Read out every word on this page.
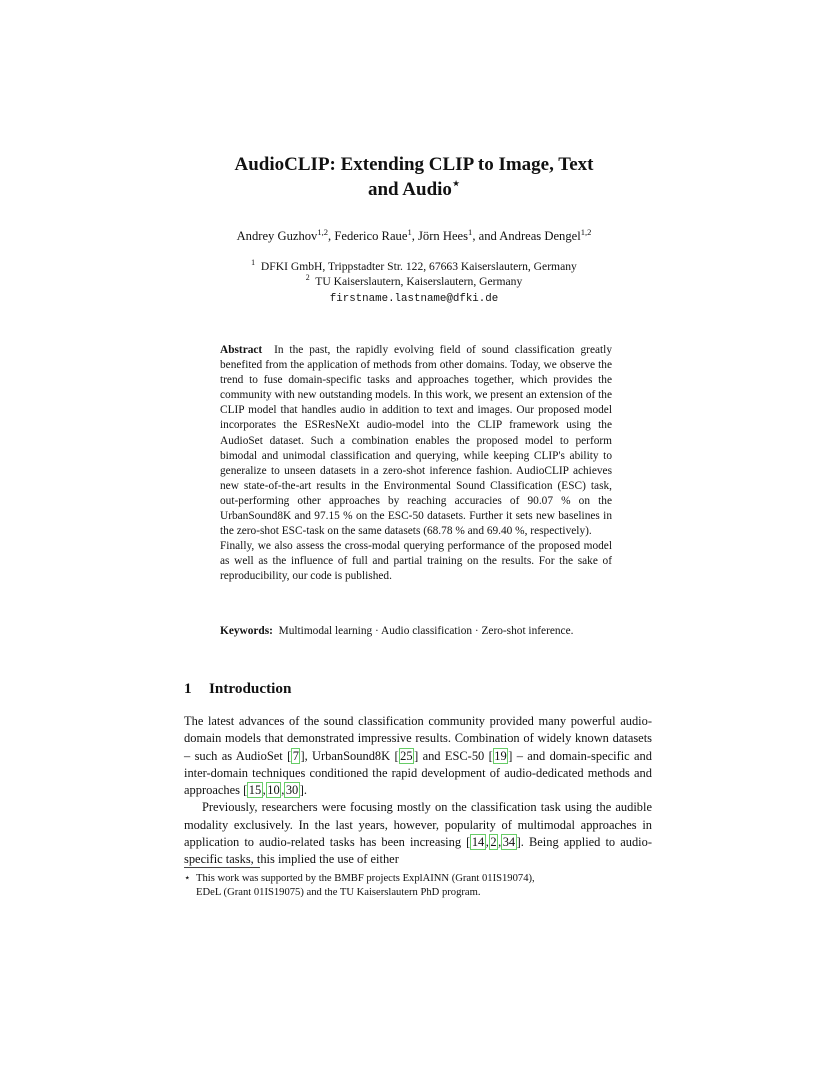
AudioCLIP: Extending CLIP to Image, Text
and Audio⋆
Andrey Guzhov$^{1,2}$, Federico Raue$^1$, Jörn Hees$^1$, and Andreas Dengel$^{1,2}$
$^1$ DFKI GmbH, Trippstadter Str. 122, 67663 Kaiserslautern, Germany
$^2$ TU Kaiserslautern, Kaiserslautern, Germany
firstname.lastname@dfki.de

Abstract In the past, the rapidly evolving field of sound classification greatly benefited from the application of methods from other domains. Today, we observe the trend to fuse domain-specific tasks and approaches together, which provides the community with new outstanding models. In this work, we present an extension of the CLIP model that handles audio in addition to text and images. Our proposed model incorporates the ESResNeXt audio-model into the CLIP framework using the AudioSet dataset. Such a combination enables the proposed model to perform bimodal and unimodal classification and querying, while keeping CLIP's ability to generalize to unseen datasets in a zero-shot inference fashion. AudioCLIP achieves new state-of-the-art results in the Environmental Sound Classification (ESC) task, out-performing other approaches by reaching accuracies of 90.07 % on the UrbanSound8K and 97.15 % on the ESC-50 datasets. Further it sets new baselines in the zero-shot ESC-task on the same datasets (68.78 % and 69.40 %, respectively).

Finally, we also assess the cross-modal querying performance of the proposed model as well as the influence of full and partial training on the results. For the sake of reproducibility, our code is published.

Keywords: Multimodal learning · Audio classification · Zero-shot inference.
1 Introduction

The latest advances of the sound classification community provided many powerful audio-domain models that demonstrated impressive results. Combination of widely known datasets – such as AudioSet [ 7 ], UrbanSound8K [ 25 ] and ESC-50 [ 19 ] – and domain-specific and inter-domain techniques conditioned the rapid development of audio-dedicated methods and approaches [ 15 , 10 , 30 ].

Previously, researchers were focusing mostly on the classification task using the audible modality exclusively. In the last years, however, popularity of multimodal approaches in application to audio-related tasks has been increasing [ 14 , 2 , 34 ]. Being applied to audio-specific tasks, this implied the use of either

⋆ This work was supported by the BMBF projects ExplAINN (Grant 01IS19074),
EDeL (Grant 01IS19075) and the TU Kaiserslautern PhD program.
